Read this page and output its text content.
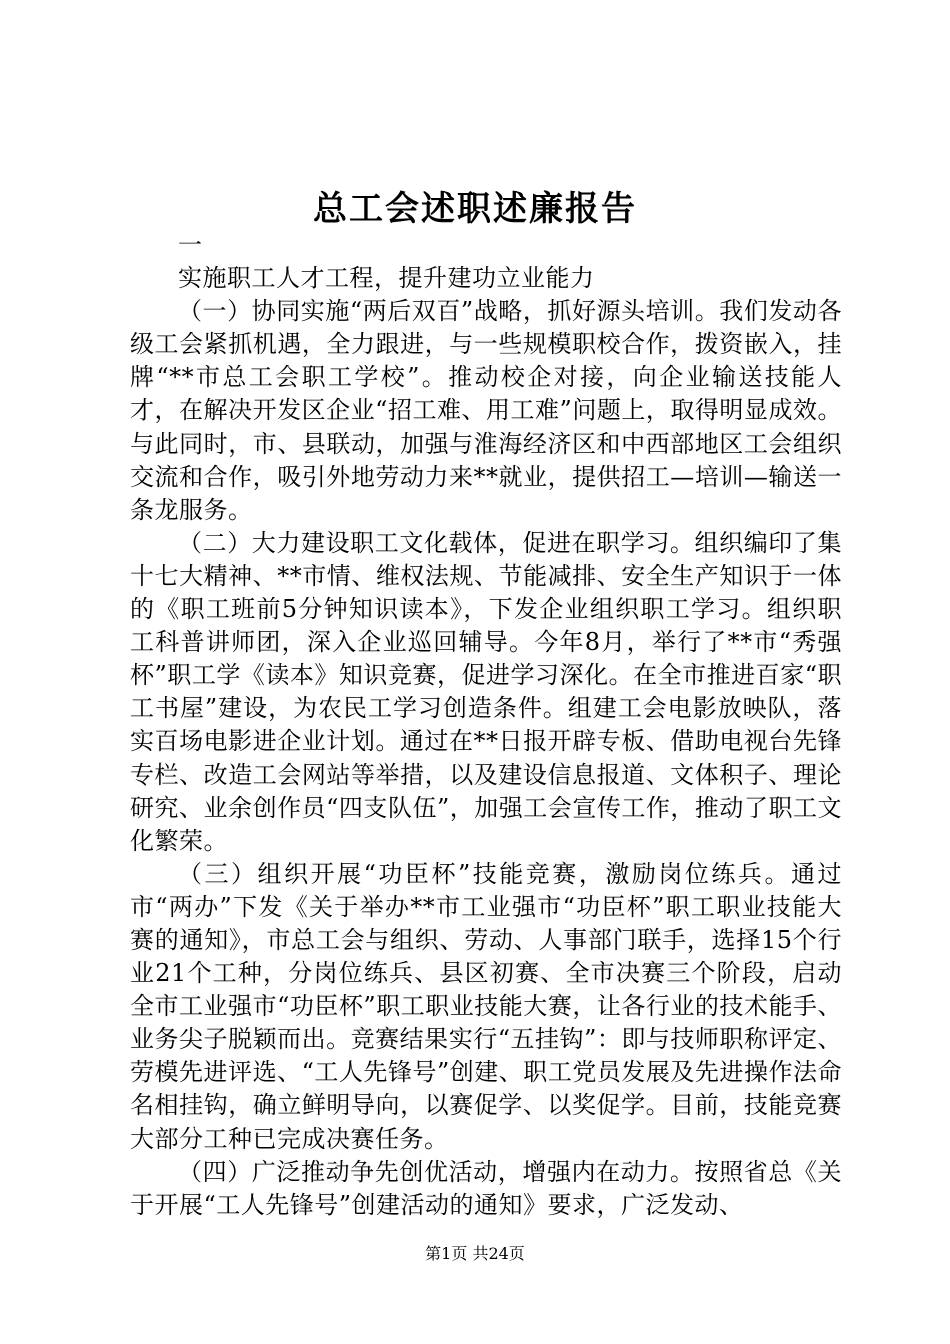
总工会述职述廉报告

一

实施职工人才工程，提升建功立业能力

（一）协同实施“两后双百”战略，抓好源头培训。我们发动各级工会紧抓机遇，全力跟进，与一些规模职校合作，拨资嵌入，挂牌“**市总工会职工学校”。推动校企对接，向企业输送技能人才，在解决开发区企业“招工难、用工难”问题上，取得明显成效。与此同时，市、县联动，加强与淮海经济区和中西部地区工会组织交流和合作，吸引外地劳动力来**就业，提供招工—培训—输送一条龙服务。

（二）大力建设职工文化载体，促进在职学习。组织编印了集十七大精神、**市情、维权法规、节能减排、安全生产知识于一体的《职工班前5分钟知识读本》，下发企业组织职工学习。组织职工科普讲师团，深入企业巡回辅导。今年8月，举行了**市“秀强杯”职工学《读本》知识竞赛，促进学习深化。在全市推进百家“职工书屋”建设，为农民工学习创造条件。组建工会电影放映队，落实百场电影进企业计划。通过在**日报开辟专板、借助电视台先锋专栏、改造工会网站等举措，以及建设信息报道、文体积子、理论研究、业余创作员“四支队伍”，加强工会宣传工作，推动了职工文化繁荣。

（三）组织开展“功臣杯”技能竞赛，激励岗位练兵。通过市“两办”下发《关于举办**市工业强市“功臣杯”职工职业技能大赛的通知》，市总工会与组织、劳动、人事部门联手，选择15个行业21个工种，分岗位练兵、县区初赛、全市决赛三个阶段，启动全市工业强市“功臣杯”职工职业技能大赛，让各行业的技术能手、业务尖子脱颖而出。竞赛结果实行“五挂钩”：即与技师职称评定、劳模先进评选、“工人先锋号”创建、职工党员发展及先进操作法命名相挂钩，确立鲜明导向，以赛促学、以奖促学。目前，技能竞赛大部分工种已完成决赛任务。

（四）广泛推动争先创优活动，增强内在动力。按照省总《关于开展“工人先锋号”创建活动的通知》要求，广泛发动、

第1页 共24页
